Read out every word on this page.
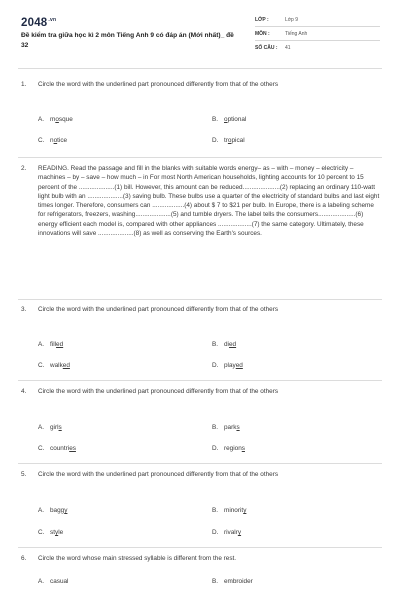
$2048^{.vn}$
Đề kiểm tra giữa học kì 2 môn Tiếng Anh 9 có đáp án (Mới nhất)_ đề 32
LỚP :	Lớp 9
MÔN :	Tiếng Anh
SỐ CÂU : 41
1.	Circle the word with the underlined part pronounced differently from that of the others
A. mosque	B. optional
C. notice	D. tropical
2.	READING. Read the passage and fill in the blanks with suitable words energy– as – with – money – electricity – machines – by – save – how much – in For most North American households, lighting accounts for 10 percent to 15 percent of the ....................(1) bill. However, this amount can be reduced.....................(2) replacing an ordinary 110-watt light bulb with an ....................(3) saving bulb. These bulbs use a quarter of the electricity of standard bulbs and last eight times longer. Therefore, consumers can ..................(4) about $ 7 to $21 per bulb. In Europe, there is a labeling scheme for refrigerators, freezers, washing....................(5) and tumble dryers. The label tells the consumers.....................(6) energy efficient each model is, compared with other appliances ...................(7) the same category. Ultimately, these innovations will save ....................(8) as well as conserving the Earth's sources.
3.	Circle the word with the underlined part pronounced differently from that of the others
A. filled	B. died
C. walked	D. played
4.	Circle the word with the underlined part pronounced differently from that of the others
A. girls	B. parks
C. countries	D. regions
5.	Circle the word with the underlined part pronounced differently from that of the others
A. baggy	B. minority
C. style	D. rivalry
6.	Circle the word whose main stressed syllable is different from the rest.
A. casual	B. embroider
